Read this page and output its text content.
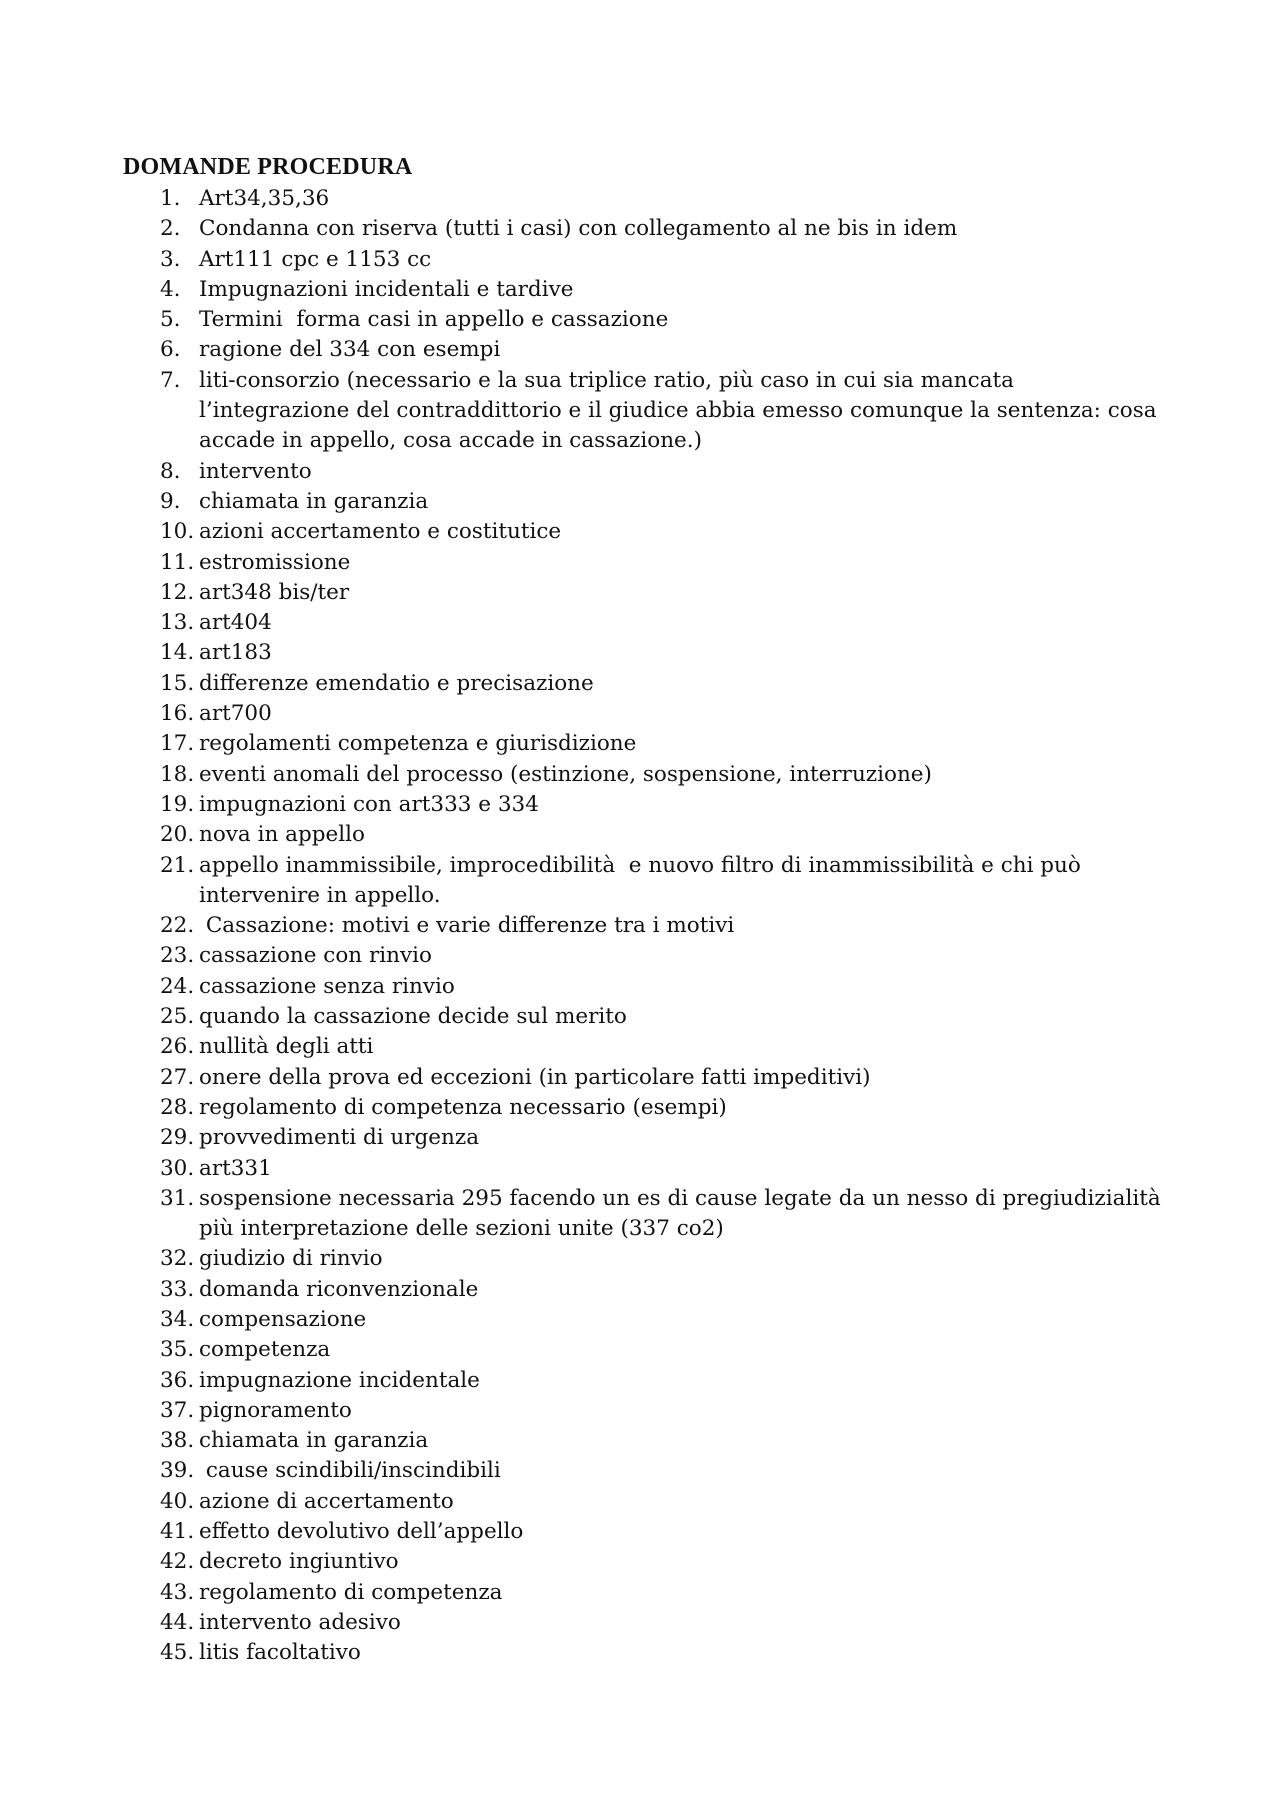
DOMANDE PROCEDURA
1. Art34,35,36
2. Condanna con riserva (tutti i casi) con collegamento al ne bis in idem
3. Art111 cpc e 1153 cc
4. Impugnazioni incidentali e tardive
5. Termini  forma casi in appello e cassazione
6. ragione del 334 con esempi
7. liti-consorzio (necessario e la sua triplice ratio, più caso in cui sia mancata
l’integrazione del contraddittorio e il giudice abbia emesso comunque la sentenza: cosa
accade in appello, cosa accade in cassazione.)
8. intervento
9. chiamata in garanzia
10. azioni accertamento e costitutice
11. estromissione
12. art348 bis/ter
13. art404
14. art183
15. differenze emendatio e precisazione
16. art700
17. regolamenti competenza e giurisdizione
18. eventi anomali del processo (estinzione, sospensione, interruzione)
19. impugnazioni con art333 e 334
20. nova in appello
21. appello inammissibile, improcedibilità  e nuovo filtro di inammissibilità e chi può
intervenire in appello.
22. Cassazione: motivi e varie differenze tra i motivi
23. cassazione con rinvio
24. cassazione senza rinvio
25. quando la cassazione decide sul merito
26. nullità degli atti
27. onere della prova ed eccezioni (in particolare fatti impeditivi)
28. regolamento di competenza necessario (esempi)
29. provvedimenti di urgenza
30. art331
31. sospensione necessaria 295 facendo un es di cause legate da un nesso di pregiudizialità
più interpretazione delle sezioni unite (337 co2)
32. giudizio di rinvio
33. domanda riconvenzionale
34. compensazione
35. competenza
36. impugnazione incidentale
37. pignoramento
38. chiamata in garanzia
39. cause scindibili/inscindibili
40. azione di accertamento
41. effetto devolutivo dell’appello
42. decreto ingiuntivo
43. regolamento di competenza
44. intervento adesivo
45. litis facoltativo
